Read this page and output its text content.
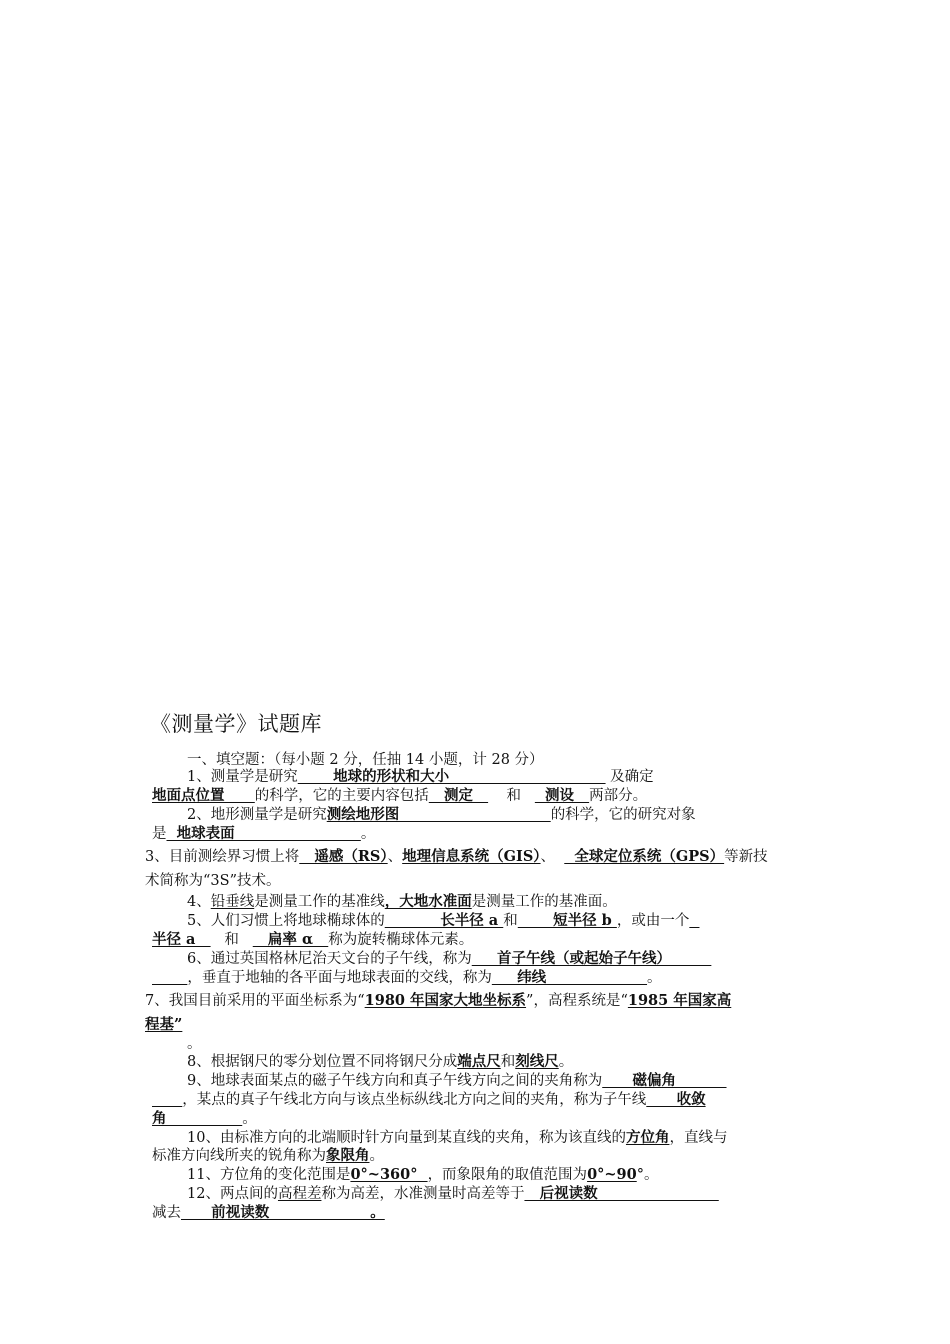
《测量学》试题库
一、填空题：（每小题 2 分，任抽 14 小题，计 28 分）
1、测量学是研究       地球的形状和大小                                及确定
地面点位置      的科学，它的主要内容包括   测定       和     测设   两部分。
2、地形测量学是研究测绘地形图                              的科学，它的研究对象
是  地球表面                         。
3、目前测绘界习惯上将   遥感（RS）、地理信息系统（GIS）、    全球定位系统（GPS）等新技
术简称为“3S”技术。
4、铅垂线是测量工作的基准线，大地水准面是测量工作的基准面。
5、人们习惯上将地球椭球体的           长半径 a 和       短半径 b ，或由一个
半径 a      和      扁率 α   称为旋转椭球体元素。
6、通过英国格林尼治天文台的子午线，称为     首子午线（或起始子午线）
，垂直于地轴的各平面与地球表面的交线，称为     纬线                    。
7、我国目前采用的平面坐标系为“1980 年国家大地坐标系”，高程系统是“1985 年国家高
程基”
。
8、根据钢尺的零分划位置不同将钢尺分成端点尺和刻线尺。
9、地球表面某点的磁子午线方向和真子午线方向之间的夹角称为      磁偏角
，某点的真子午线北方向与该点坐标纵线北方向之间的夹角，称为子午线      收敛
角	。
10、由标准方向的北端顺时针方向量到某直线的夹角，称为该直线的方位角，直线与
标准方向线所夹的锐角称为象限角。
11、方位角的变化范围是0°~360°  ，而象限角的取值范围为0°~90°。
12、两点间的高程差称为高差，水准测量时高差等于   后视读数
减去      前视读数                    。
